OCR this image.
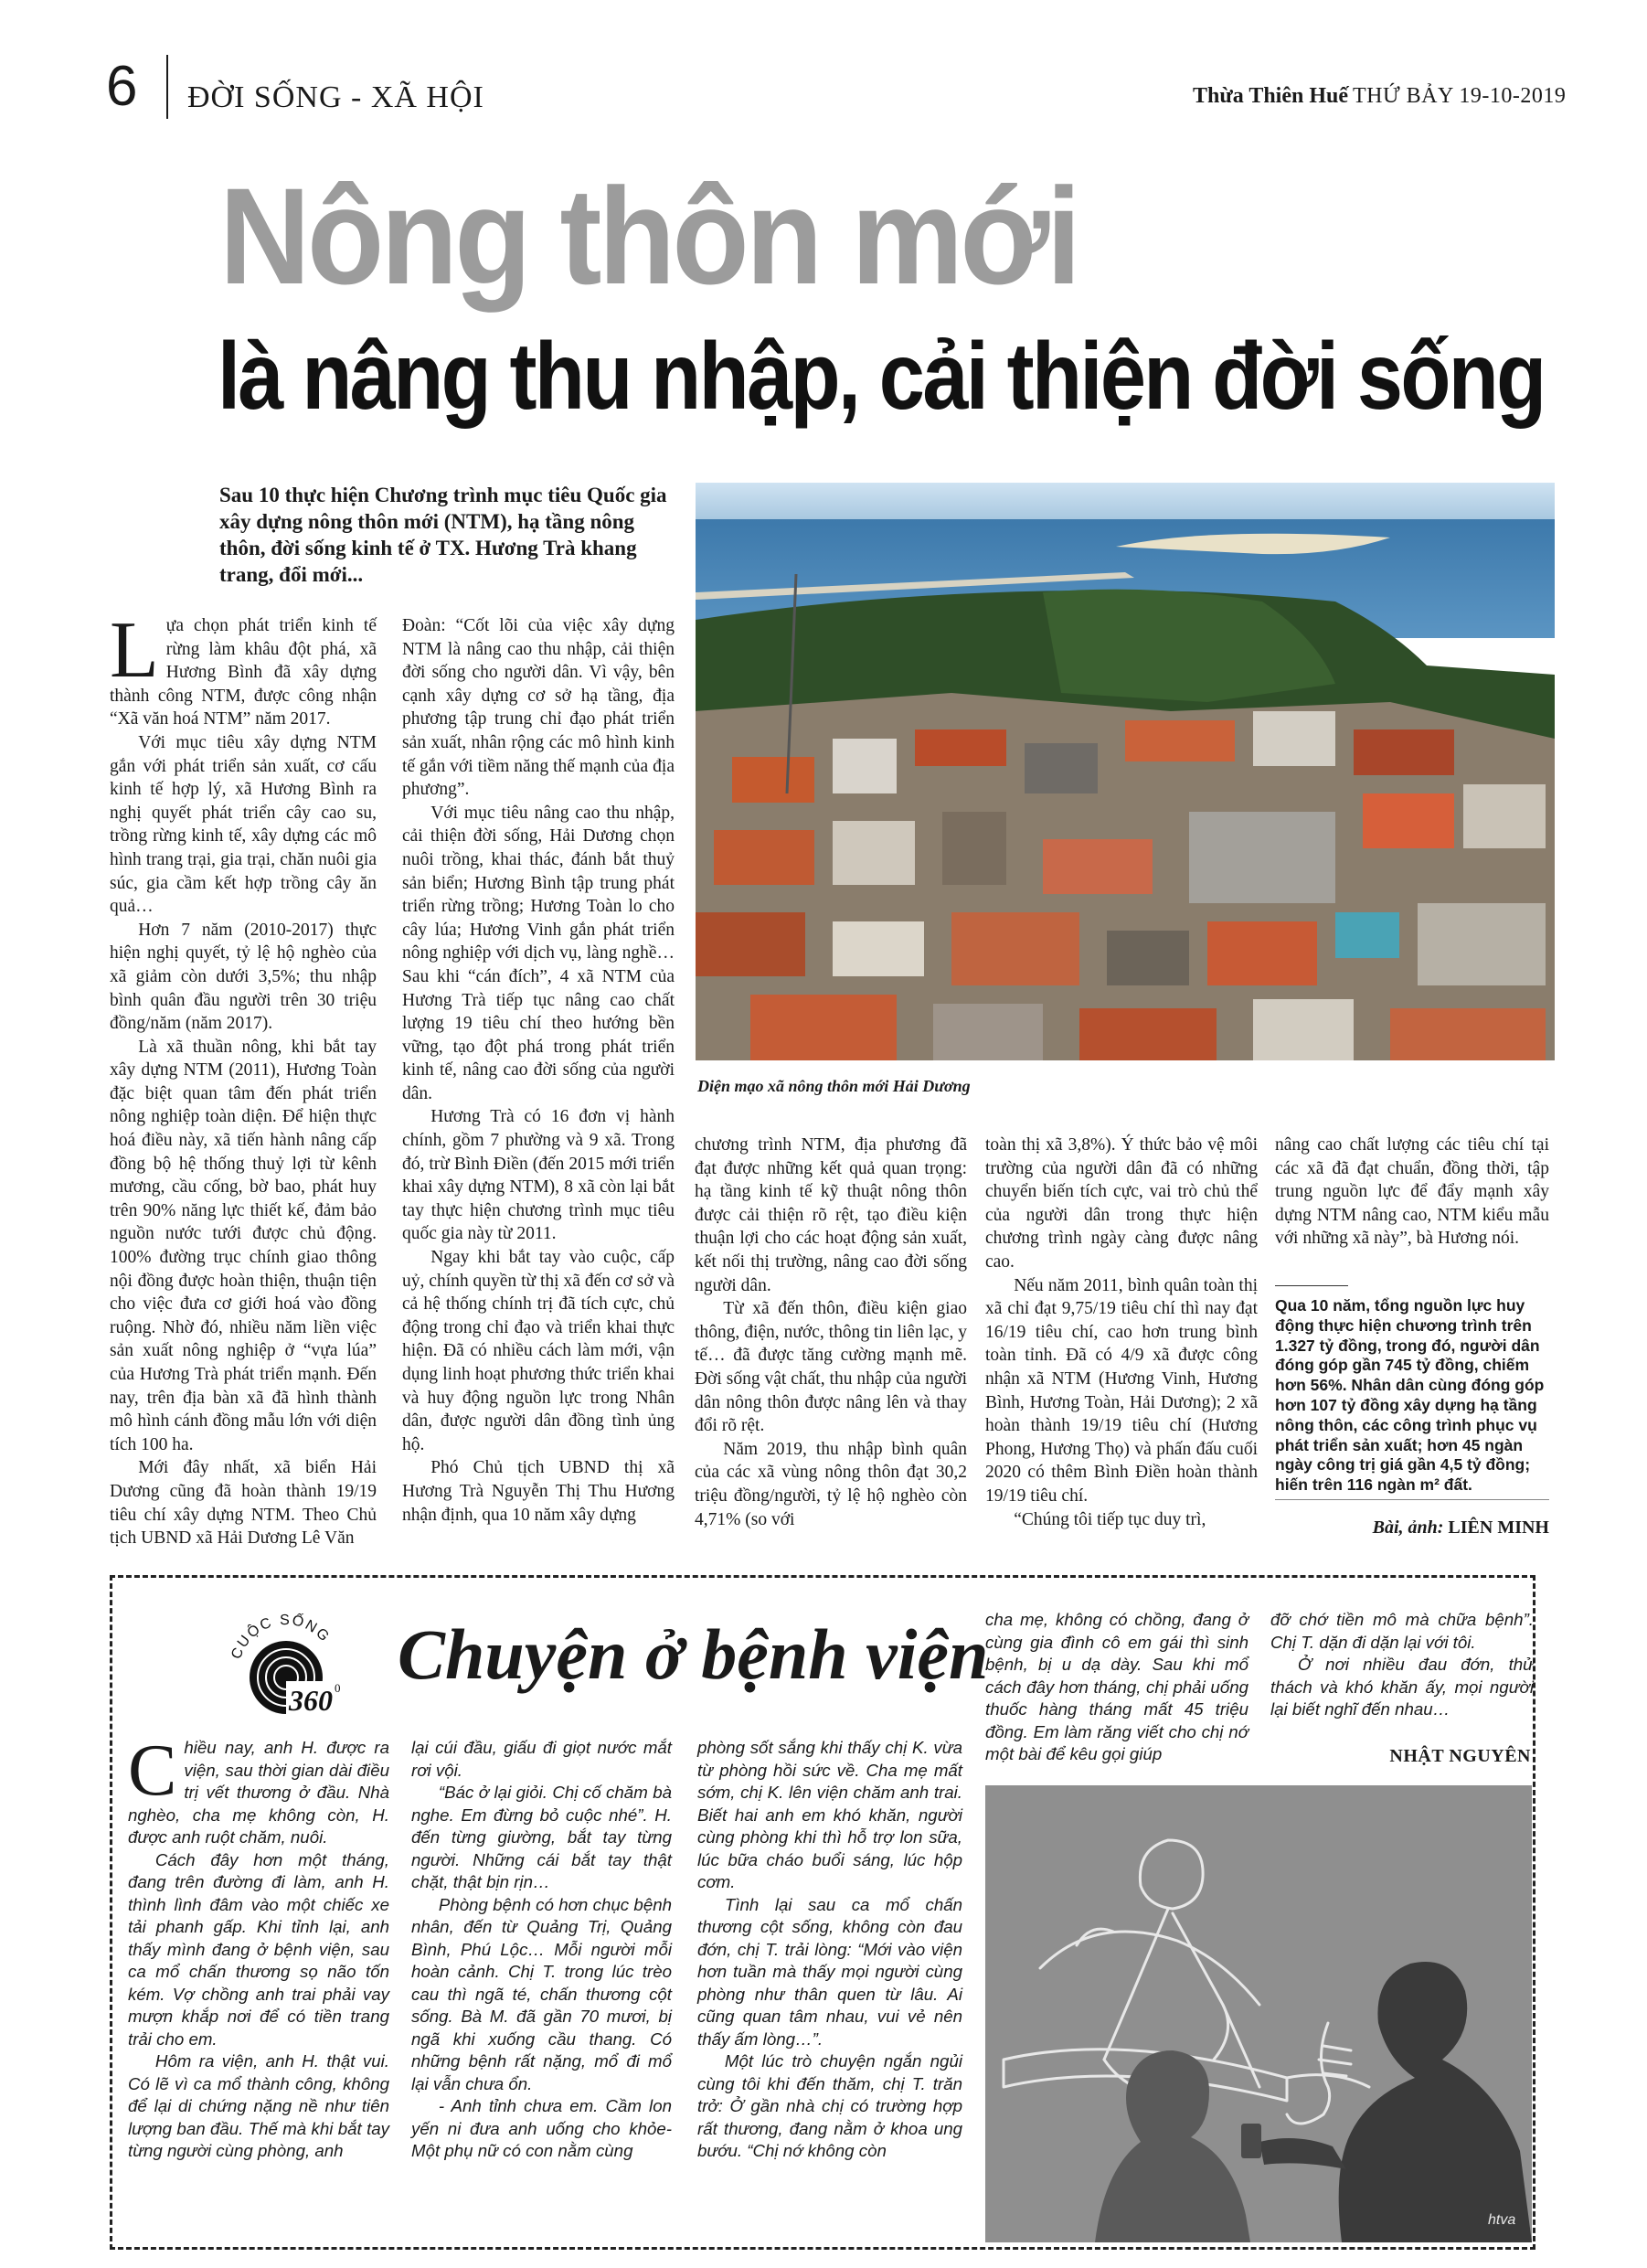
6 ĐỜI SỐNG - XÃ HỘI	Thừa Thiên Huế THỨ BẢY 19-10-2019
Nông thôn mới
là nâng thu nhập, cải thiện đời sống
Sau 10 thực hiện Chương trình mục tiêu Quốc gia xây dựng nông thôn mới (NTM), hạ tầng nông thôn, đời sống kinh tế ở TX. Hương Trà khang trang, đổi mới...

Lựa chọn phát triển kinh tế rừng làm khâu đột phá, xã Hương Bình đã xây dựng thành công NTM, được công nhận “Xã văn hoá NTM” năm 2017.

Với mục tiêu xây dựng NTM gắn với phát triển sản xuất, cơ cấu kinh tế hợp lý, xã Hương Bình ra nghị quyết phát triển cây cao su, trồng rừng kinh tế, xây dựng các mô hình trang trại, gia trại, chăn nuôi gia súc, gia cầm kết hợp trồng cây ăn quả…

Hơn 7 năm (2010-2017) thực hiện nghị quyết, tỷ lệ hộ nghèo của xã giảm còn dưới 3,5%; thu nhập bình quân đầu người trên 30 triệu đồng/năm (năm 2017).

Là xã thuần nông, khi bắt tay xây dựng NTM (2011), Hương Toàn đặc biệt quan tâm đến phát triển nông nghiệp toàn diện. Để hiện thực hoá điều này, xã tiến hành nâng cấp đồng bộ hệ thống thuỷ lợi từ kênh mương, cầu cống, bờ bao, phát huy trên 90% năng lực thiết kế, đảm bảo nguồn nước tưới được chủ động. 100% đường trục chính giao thông nội đồng được hoàn thiện, thuận tiện cho việc đưa cơ giới hoá vào đồng ruộng. Nhờ đó, nhiều năm liền việc sản xuất nông nghiệp ở “vựa lúa” của Hương Trà phát triển mạnh. Đến nay, trên địa bàn xã đã hình thành mô hình cánh đồng mẫu lớn với diện tích 100 ha.

Mới đây nhất, xã biển Hải Dương cũng đã hoàn thành 19/19 tiêu chí xây dựng NTM. Theo Chủ tịch UBND xã Hải Dương Lê Văn

Đoàn: “Cốt lõi của việc xây dựng NTM là nâng cao thu nhập, cải thiện đời sống cho người dân. Vì vậy, bên cạnh xây dựng cơ sở hạ tầng, địa phương tập trung chỉ đạo phát triển sản xuất, nhân rộng các mô hình kinh tế gắn với tiềm năng thế mạnh của địa phương”.

Với mục tiêu nâng cao thu nhập, cải thiện đời sống, Hải Dương chọn nuôi trồng, khai thác, đánh bắt thuỷ sản biển; Hương Bình tập trung phát triển rừng trồng; Hương Toàn lo cho cây lúa; Hương Vinh gắn phát triển nông nghiệp với dịch vụ, làng nghề… Sau khi “cán đích”, 4 xã NTM của Hương Trà tiếp tục nâng cao chất lượng 19 tiêu chí theo hướng bền vững, tạo đột phá trong phát triển kinh tế, nâng cao đời sống của người dân.

Hương Trà có 16 đơn vị hành chính, gồm 7 phường và 9 xã. Trong đó, trừ Bình Điền (đến 2015 mới triển khai xây dựng NTM), 8 xã còn lại bắt tay thực hiện chương trình mục tiêu quốc gia này từ 2011.

Ngay khi bắt tay vào cuộc, cấp uỷ, chính quyền từ thị xã đến cơ sở và cả hệ thống chính trị đã tích cực, chủ động trong chỉ đạo và triển khai thực hiện. Đã có nhiều cách làm mới, vận dụng linh hoạt phương thức triển khai và huy động nguồn lực trong Nhân dân, được người dân đồng tình ủng hộ.

Phó Chủ tịch UBND thị xã Hương Trà Nguyễn Thị Thu Hương nhận định, qua 10 năm xây dựng

Diện mạo xã nông thôn mới Hải Dương

chương trình NTM, địa phương đã đạt được những kết quả quan trọng: hạ tầng kinh tế kỹ thuật nông thôn được cải thiện rõ rệt, tạo điều kiện thuận lợi cho các hoạt động sản xuất, kết nối thị trường, nâng cao đời sống người dân.

Từ xã đến thôn, điều kiện giao thông, điện, nước, thông tin liên lạc, y tế… đã được tăng cường mạnh mẽ. Đời sống vật chất, thu nhập của người dân nông thôn được nâng lên và thay đổi rõ rệt.

Năm 2019, thu nhập bình quân của các xã vùng nông thôn đạt 30,2 triệu đồng/người, tỷ lệ hộ nghèo còn 4,71% (so với

toàn thị xã 3,8%). Ý thức bảo vệ môi trường của người dân đã có những chuyển biến tích cực, vai trò chủ thể của người dân trong thực hiện chương trình ngày càng được nâng cao.

Nếu năm 2011, bình quân toàn thị xã chỉ đạt 9,75/19 tiêu chí thì nay đạt 16/19 tiêu chí, cao hơn trung bình toàn tỉnh. Đã có 4/9 xã được công nhận xã NTM (Hương Vinh, Hương Bình, Hương Toàn, Hải Dương); 2 xã hoàn thành 19/19 tiêu chí (Hương Phong, Hương Thọ) và phấn đấu cuối 2020 có thêm Bình Điền hoàn thành 19/19 tiêu chí.

“Chúng tôi tiếp tục duy trì,

nâng cao chất lượng các tiêu chí tại các xã đã đạt chuẩn, đồng thời, tập trung nguồn lực để đẩy mạnh xây dựng NTM nâng cao, NTM kiểu mẫu với những xã này”, bà Hương nói.

Qua 10 năm, tổng nguồn lực huy động thực hiện chương trình trên 1.327 tỷ đồng, trong đó, người dân đóng góp gần 745 tỷ đồng, chiếm hơn 56%. Nhân dân cùng đóng góp hơn 107 tỷ đồng xây dựng hạ tầng nông thôn, các công trình phục vụ phát triển sản xuất; hơn 45 ngàn ngày công trị giá gần 4,5 tỷ đồng; hiến trên 116 ngàn m² đất.
Bài, ảnh: LIÊN MINH
CUỘC SỐNG
360 0 Chuyện ở bệnh viện

Chiều nay, anh H. được ra viện, sau thời gian dài điều trị vết thương ở đầu. Nhà nghèo, cha mẹ không còn, H. được anh ruột chăm, nuôi.

Cách đây hơn một tháng, đang trên đường đi làm, anh H. thình lình đâm vào một chiếc xe tải phanh gấp. Khi tỉnh lại, anh thấy mình đang ở bệnh viện, sau ca mổ chấn thương sọ não tốn kém. Vợ chồng anh trai phải vay mượn khắp nơi để có tiền trang trải cho em.

Hôm ra viện, anh H. thật vui. Có lẽ vì ca mổ thành công, không để lại di chứng nặng nề như tiên lượng ban đầu. Thế mà khi bắt tay từng người cùng phòng, anh

lại cúi đầu, giấu đi giọt nước mắt rơi vội.

“Bác ở lại giỏi. Chị cố chăm bà nghe. Em đừng bỏ cuộc nhé”. H. đến từng giường, bắt tay từng người. Những cái bắt tay thật chặt, thật bịn rịn…

Phòng bệnh có hơn chục bệnh nhân, đến từ Quảng Trị, Quảng Bình, Phú Lộc… Mỗi người mỗi hoàn cảnh. Chị T. trong lúc trèo cau thì ngã té, chấn thương cột sống. Bà M. đã gần 70 mươi, bị ngã khi xuống cầu thang. Có những bệnh rất nặng, mổ đi mổ lại vẫn chưa ổn.

- Anh tỉnh chưa em. Cầm lon yến ni đưa anh uống cho khỏe- Một phụ nữ có con nằm cùng

phòng sốt sắng khi thấy chị K. vừa từ phòng hồi sức về. Cha mẹ mất sớm, chị K. lên viện chăm anh trai. Biết hai anh em khó khăn, người cùng phòng khi thì hỗ trợ lon sữa, lúc bữa cháo buổi sáng, lúc hộp cơm.

Tình lại sau ca mổ chấn thương cột sống, không còn đau đớn, chị T. trải lòng: “Mới vào viện hơn tuần mà thấy mọi người cùng phòng như thân quen từ lâu. Ai cũng quan tâm nhau, vui vẻ nên thấy ấm lòng…”.

Một lúc trò chuyện ngắn ngủi cùng tôi khi đến thăm, chị T. trăn trở: Ở gần nhà chị có trường hợp rất thương, đang nằm ở khoa ung bướu. “Chị nớ không còn

cha mẹ, không có chồng, đang ở cùng gia đình cô em gái thì sinh bệnh, bị u dạ dày. Sau khi mổ cách đây hơn tháng, chị phải uống thuốc hàng tháng mất 45 triệu đồng. Em làm răng viết cho chị nớ một bài để kêu gọi giúp

đỡ chớ tiền mô mà chữa bệnh”. Chị T. dặn đi dặn lại với tôi.

Ở nơi nhiều đau đớn, thử thách và khó khăn ấy, mọi người lại biết nghĩ đến nhau…

NHẬT NGUYÊN
htva
